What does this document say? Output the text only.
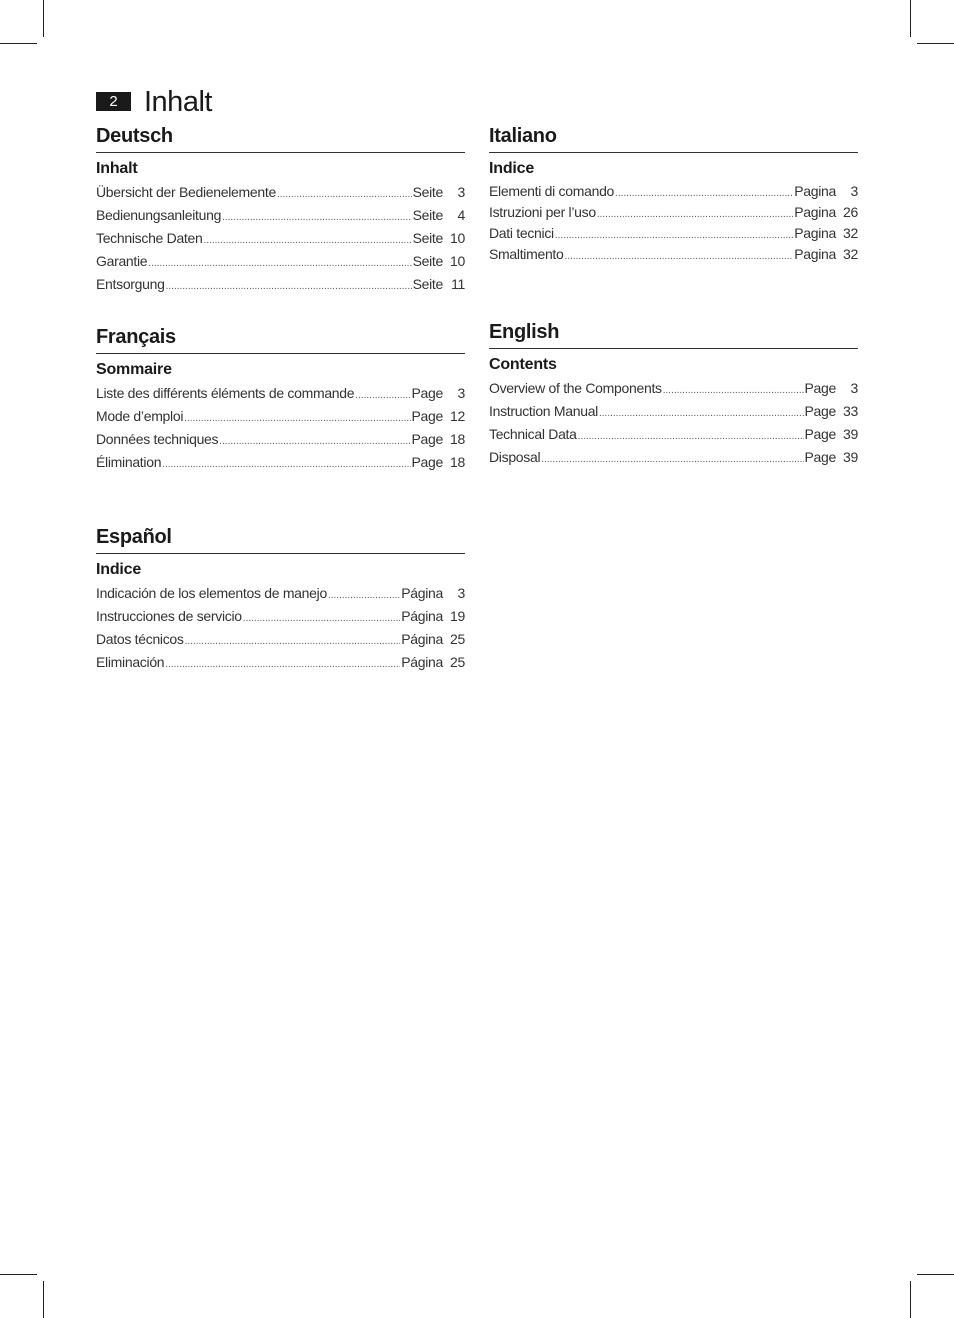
2 Inhalt
Deutsch
Inhalt
Übersicht der Bedienelemente .....	Seite	3
Bedienungsanleitung .....	Seite	4
Technische Daten .....	Seite 10
Garantie .....	Seite 10
Entsorgung .....	Seite 11
Français
Sommaire
Liste des différents éléments de commande .....	Page	3
Mode d’emploi .....	Page 12
Données techniques .....	Page 18
Élimination .....	Page 18
Español
Indice
Indicación de los elementos de manejo .....	Página	3
Instrucciones de servicio .....	Página 19
Datos técnicos .....	Página 25
Eliminación .....	Página 25
Italiano
Indice
Elementi di comando .....	Pagina	3
Istruzioni per l’uso .....	Pagina 26
Dati tecnici .....	Pagina 32
Smaltimento .....	Pagina 32
English
Contents
Overview of the Components .....	Page	3
Instruction Manual .....	Page 33
Technical Data .....	Page 39
Disposal .....	Page 39
